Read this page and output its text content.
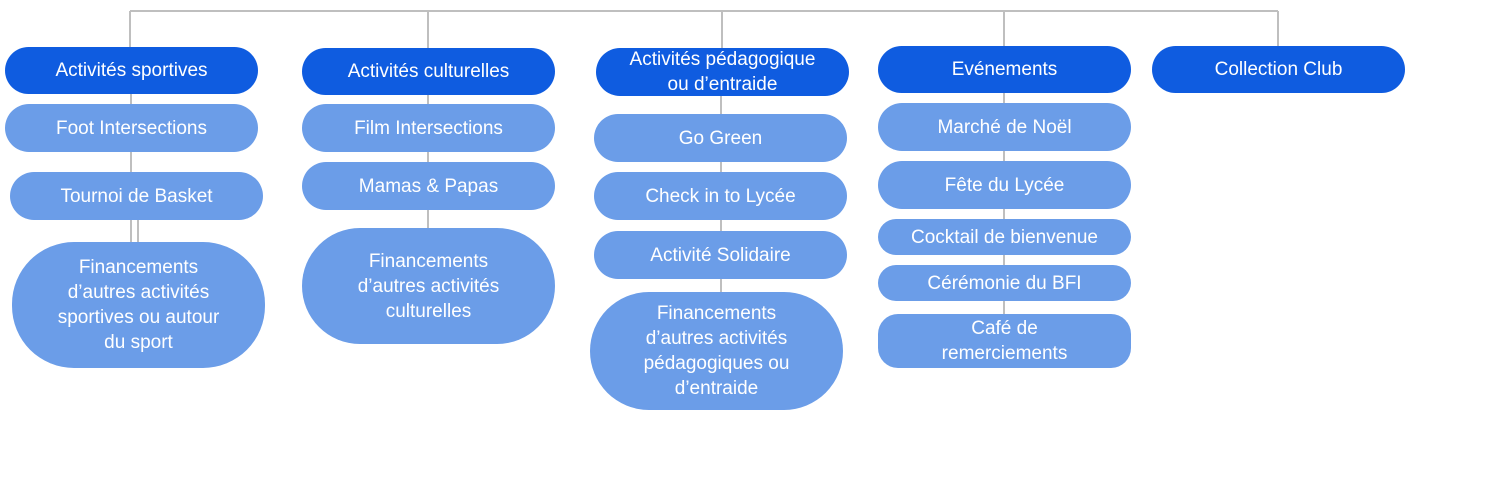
Activités sportives
Foot Intersections
Tournoi de Basket
Financements
d’autres activités
sportives ou autour
du sport
Activités culturelles
Film Intersections
Mamas & Papas
Financements
d’autres activités
culturelles
Activités pédagogique
ou d’entraide
Go Green
Check in to Lycée
Activité Solidaire
Financements
d’autres activités
pédagogiques ou
d’entraide
Evénements
Marché de Noël
Fête du Lycée
Cocktail de bienvenue
Cérémonie du BFI
Café de
remerciements
Collection Club
